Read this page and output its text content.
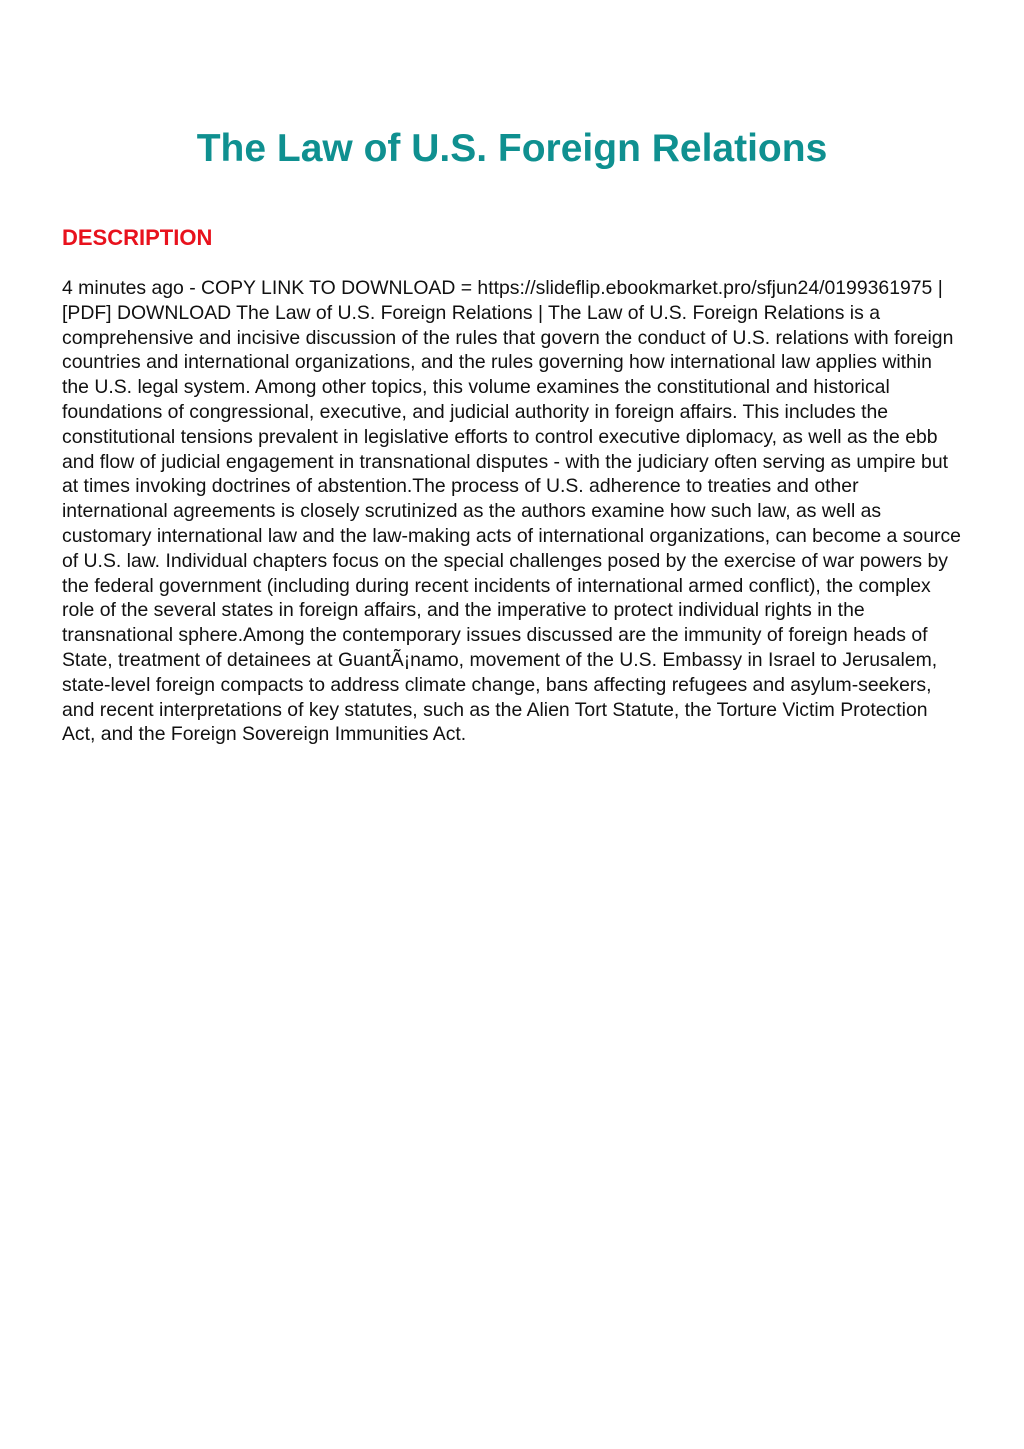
The Law of U.S. Foreign Relations
DESCRIPTION

4 minutes ago - COPY LINK TO DOWNLOAD = https://slideflip.ebookmarket.pro/sfjun24/0199361975 | [PDF] DOWNLOAD The Law of U.S. Foreign Relations | The Law of U.S. Foreign Relations is a comprehensive and incisive discussion of the rules that govern the conduct of U.S. relations with foreign countries and international organizations, and the rules governing how international law applies within the U.S. legal system. Among other topics, this volume examines the constitutional and historical foundations of congressional, executive, and judicial authority in foreign affairs. This includes the constitutional tensions prevalent in legislative efforts to control executive diplomacy, as well as the ebb and flow of judicial engagement in transnational disputes - with the judiciary often serving as umpire but at times invoking doctrines of abstention.The process of U.S. adherence to treaties and other international agreements is closely scrutinized as the authors examine how such law, as well as customary international law and the law-making acts of international organizations, can become a source of U.S. law. Individual chapters focus on the special challenges posed by the exercise of war powers by the federal government (including during recent incidents of international armed conflict), the complex role of the several states in foreign affairs, and the imperative to protect individual rights in the transnational sphere.Among the contemporary issues discussed are the immunity of foreign heads of State, treatment of detainees at GuantÃ¡namo, movement of the U.S. Embassy in Israel to Jerusalem, state-level foreign compacts to address climate change, bans affecting refugees and asylum-seekers, and recent interpretations of key statutes, such as the Alien Tort Statute, the Torture Victim Protection Act, and the Foreign Sovereign Immunities Act.
